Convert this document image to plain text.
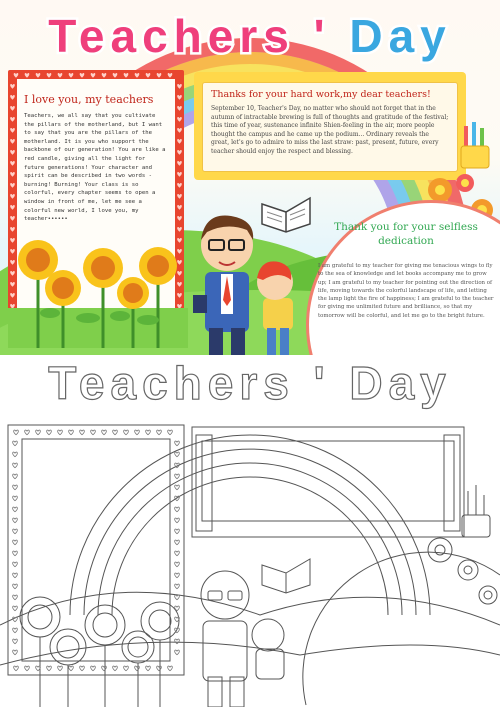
Teachers ' Day
I love you, my teachers
Teachers, we all say that you cultivate the pillars of the motherland, but I want to say that you are the pillars of the motherland. It is you who support the backbone of our generation! You are like a red candle, giving all the light for future generations! Your character and spirit can be described in two words - burning! Burning! Your class is so colorful, every chapter seems to open a window in front of me, let me see a colorful new world, I love you, my teacher••••••
Thanks for your hard work,my dear teachers!
September 10, Teacher's Day, no matter who should not forget that in the autumn of intractable brewing is full of thoughts and gratitude of the festival; this time of year, sustenance infinite Shien-feeling in the air, more people thought the campus and he came up the podium... Ordinary reveals the great, let's go to admire to miss the last straw: past, present, future, every teacher should enjoy the respect and blessing.
Thank you for your selfless dedication
I am grateful to my teacher for giving me tenacious wings to fly to the sea of knowledge and let books accompany me to grow up; I am grateful to my teacher for pointing out the direction of life, moving towards the colorful landscape of life, and letting the lamp light the fire of happiness; I am grateful to the teacher for giving me unlimited future and brilliance, so that my tomorrow will be colorful, and let me go to the bright future.
Teachers ' Day
